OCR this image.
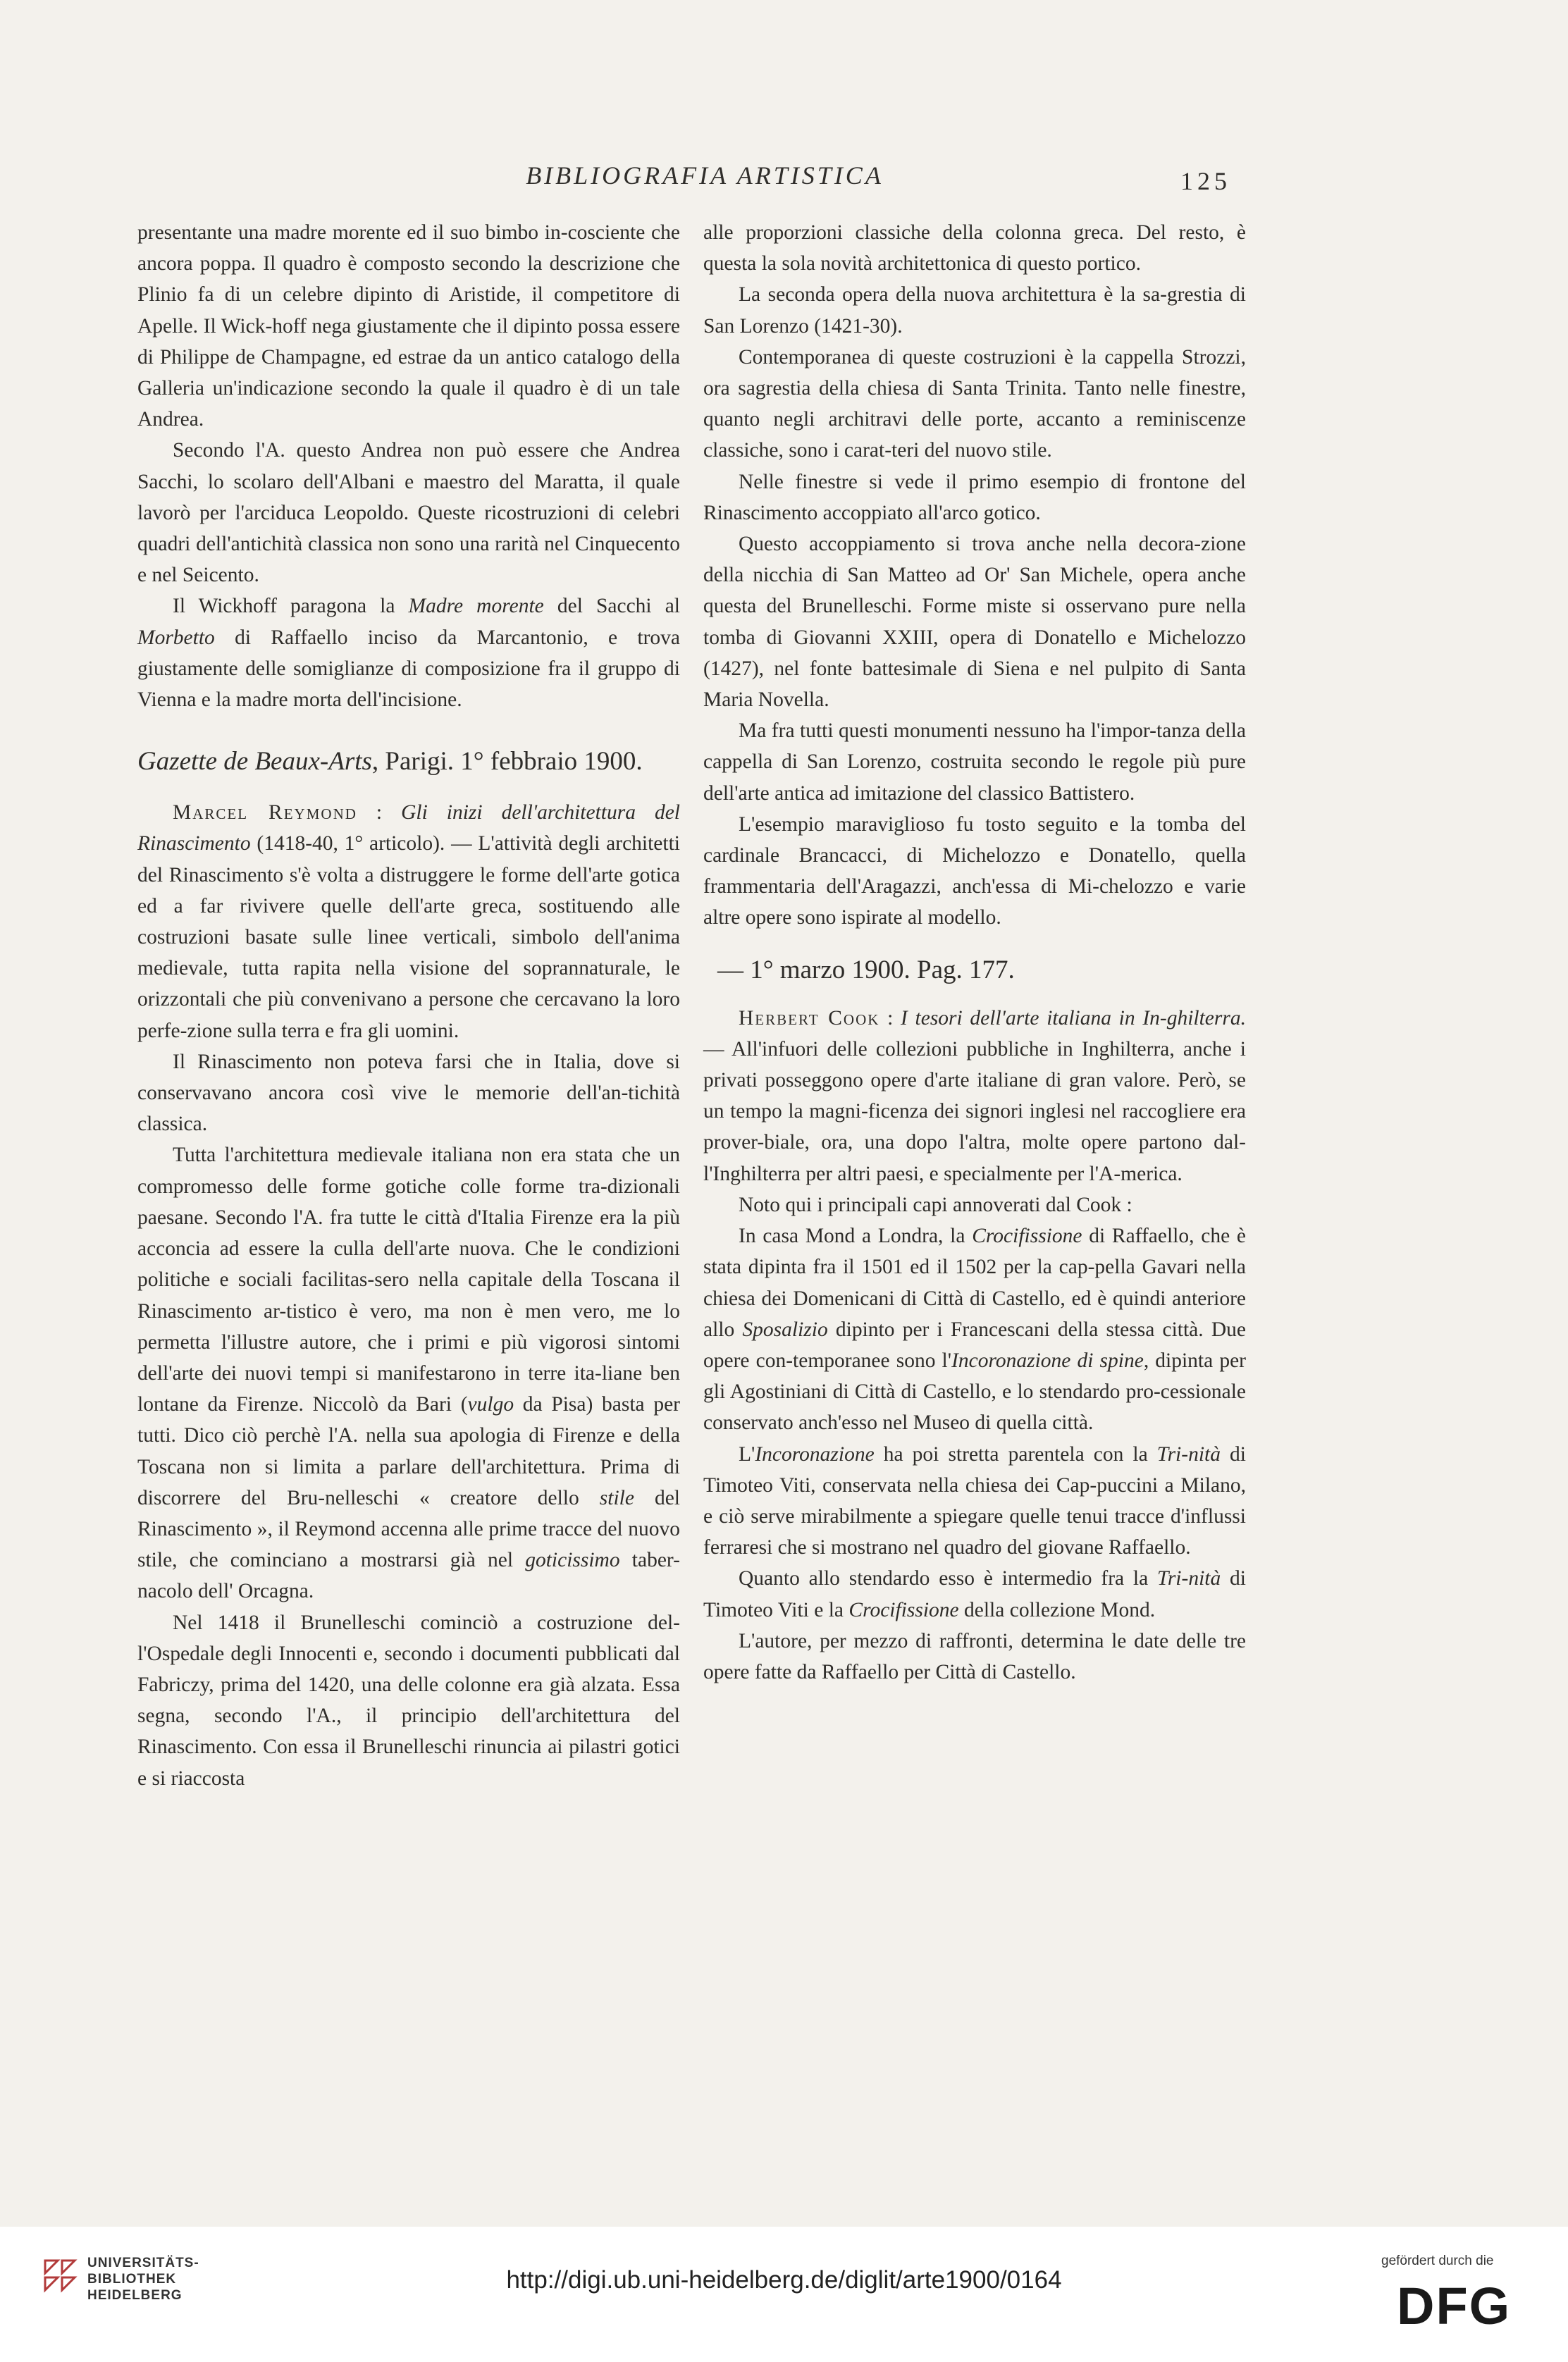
BIBLIOGRAFIA ARTISTICA	125

presentante una madre morente ed il suo bimbo in-cosciente che ancora poppa. Il quadro è composto secondo la descrizione che Plinio fa di un celebre dipinto di Aristide, il competitore di Apelle. Il Wick-hoff nega giustamente che il dipinto possa essere di Philippe de Champagne, ed estrae da un antico catalogo della Galleria un'indicazione secondo la quale il quadro è di un tale Andrea.

Secondo l'A. questo Andrea non può essere che Andrea Sacchi, lo scolaro dell'Albani e maestro del Maratta, il quale lavorò per l'arciduca Leopoldo. Queste ricostruzioni di celebri quadri dell'antichità classica non sono una rarità nel Cinquecento e nel Seicento.

Il Wickhoff paragona la Madre morente del Sacchi al Morbetto di Raffaello inciso da Marcantonio, e trova giustamente delle somiglianze di composizione fra il gruppo di Vienna e la madre morta dell'incisione.

Gazette de Beaux-Arts, Parigi. 1° febbraio 1900.

Marcel Reymond : Gli inizi dell'architettura del Rinascimento (1418-40, 1° articolo). — L'attività degli architetti del Rinascimento s'è volta a distruggere le forme dell'arte gotica ed a far rivivere quelle dell'arte greca, sostituendo alle costruzioni basate sulle linee verticali, simbolo dell'anima medievale, tutta rapita nella visione del soprannaturale, le orizzontali che più convenivano a persone che cercavano la loro perfe-zione sulla terra e fra gli uomini.

Il Rinascimento non poteva farsi che in Italia, dove si conservavano ancora così vive le memorie dell'an-tichità classica.

Tutta l'architettura medievale italiana non era stata che un compromesso delle forme gotiche colle forme tra-dizionali paesane. Secondo l'A. fra tutte le città d'Italia Firenze era la più acconcia ad essere la culla dell'arte nuova. Che le condizioni politiche e sociali facilitas-sero nella capitale della Toscana il Rinascimento ar-tistico è vero, ma non è men vero, me lo permetta l'illustre autore, che i primi e più vigorosi sintomi dell'arte dei nuovi tempi si manifestarono in terre ita-liane ben lontane da Firenze. Niccolò da Bari (vulgo da Pisa) basta per tutti. Dico ciò perchè l'A. nella sua apologia di Firenze e della Toscana non si limita a parlare dell'architettura. Prima di discorrere del Bru-nelleschi « creatore dello stile del Rinascimento », il Reymond accenna alle prime tracce del nuovo stile, che cominciano a mostrarsi già nel goticissimo taber-nacolo dell' Orcagna.

Nel 1418 il Brunelleschi cominciò a costruzione del-l'Ospedale degli Innocenti e, secondo i documenti pubblicati dal Fabriczy, prima del 1420, una delle colonne era già alzata. Essa segna, secondo l'A., il principio dell'architettura del Rinascimento. Con essa il Brunelleschi rinuncia ai pilastri gotici e si riaccosta

alle proporzioni classiche della colonna greca. Del resto, è questa la sola novità architettonica di questo portico.

La seconda opera della nuova architettura è la sa-grestia di San Lorenzo (1421-30).

Contemporanea di queste costruzioni è la cappella Strozzi, ora sagrestia della chiesa di Santa Trinita. Tanto nelle finestre, quanto negli architravi delle porte, accanto a reminiscenze classiche, sono i carat-teri del nuovo stile.

Nelle finestre si vede il primo esempio di frontone del Rinascimento accoppiato all'arco gotico.

Questo accoppiamento si trova anche nella decora-zione della nicchia di San Matteo ad Or' San Michele, opera anche questa del Brunelleschi. Forme miste si osservano pure nella tomba di Giovanni XXIII, opera di Donatello e Michelozzo (1427), nel fonte battesimale di Siena e nel pulpito di Santa Maria Novella.

Ma fra tutti questi monumenti nessuno ha l'impor-tanza della cappella di San Lorenzo, costruita secondo le regole più pure dell'arte antica ad imitazione del classico Battistero.

L'esempio maraviglioso fu tosto seguito e la tomba del cardinale Brancacci, di Michelozzo e Donatello, quella frammentaria dell'Aragazzi, anch'essa di Mi-chelozzo e varie altre opere sono ispirate al modello.

— 1° marzo 1900. Pag. 177.

Herbert Cook : I tesori dell'arte italiana in In-ghilterra. — All'infuori delle collezioni pubbliche in Inghilterra, anche i privati posseggono opere d'arte italiane di gran valore. Però, se un tempo la magni-ficenza dei signori inglesi nel raccogliere era prover-biale, ora, una dopo l'altra, molte opere partono dal-l'Inghilterra per altri paesi, e specialmente per l'A-merica.

Noto qui i principali capi annoverati dal Cook :

In casa Mond a Londra, la Crocifissione di Raffaello, che è stata dipinta fra il 1501 ed il 1502 per la cap-pella Gavari nella chiesa dei Domenicani di Città di Castello, ed è quindi anteriore allo Sposalizio dipinto per i Francescani della stessa città. Due opere con-temporanee sono l'Incoronazione di spine, dipinta per gli Agostiniani di Città di Castello, e lo stendardo pro-cessionale conservato anch'esso nel Museo di quella città.

L'Incoronazione ha poi stretta parentela con la Tri-nità di Timoteo Viti, conservata nella chiesa dei Cap-puccini a Milano, e ciò serve mirabilmente a spiegare quelle tenui tracce d'influssi ferraresi che si mostrano nel quadro del giovane Raffaello.

Quanto allo stendardo esso è intermedio fra la Tri-nità di Timoteo Viti e la Crocifissione della collezione Mond.

L'autore, per mezzo di raffronti, determina le date delle tre opere fatte da Raffaello per Città di Castello.

UNIVERSITÄTS-
BIBLIOTHEK
HEIDELBERG
http://digi.ub.uni-heidelberg.de/diglit/arte1900/0164
gefördert durch die
DFG
